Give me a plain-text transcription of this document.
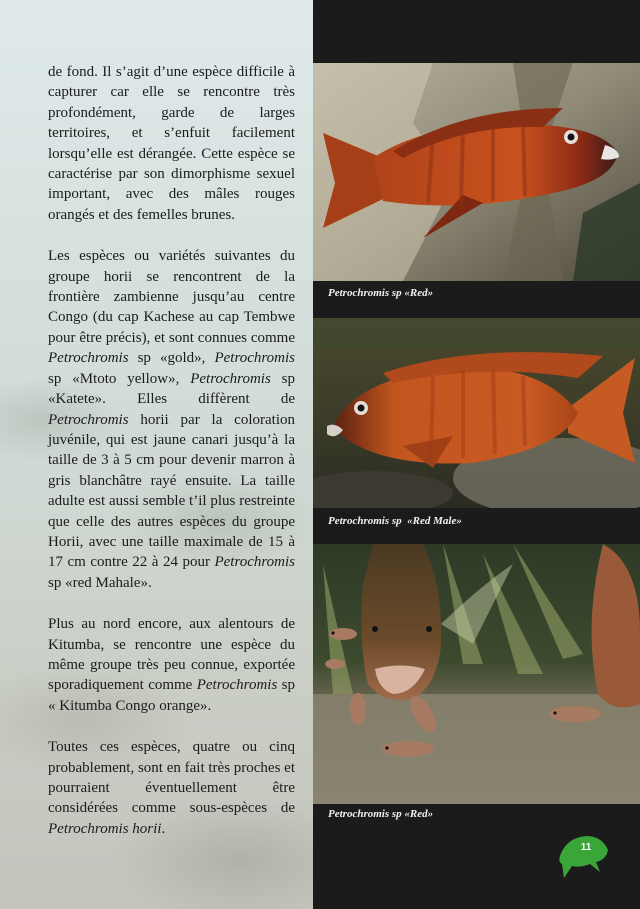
de fond. Il s’agit d’une espèce difficile à capturer car elle se rencontre très profondément, garde de larges territoires, et s’enfuit facilement lorsqu’elle est dérangée. Cette espèce se caractérise par son dimorphisme sexuel important, avec des mâles rouges orangés et des femelles brunes.

Les espèces ou variétés suivantes du groupe horii se rencontrent de la frontière zambienne jusqu’au centre Congo (du cap Kachese au cap Tembwe pour être précis), et sont connues comme Petrochromis sp «gold», Petrochromis sp «Mtoto yellow», Petrochromis sp «Katete». Elles diffèrent de Petrochromis horii par la coloration juvénile, qui est jaune canari jusqu’à la taille de 3 à 5 cm pour devenir marron à gris blanchâtre rayé ensuite. La taille adulte est aussi semble t’il plus restreinte que celle des autres espèces du groupe Horii, avec une taille maximale de 15 à 17 cm contre 22 à 24 pour Petrochromis sp «red Mahale».

Plus au nord encore, aux alentours de Kitumba, se rencontre une espèce du même groupe très peu connue, exportée sporadiquement comme Petrochromis sp « Kitumba Congo orange».

Toutes ces espèces, quatre ou cinq probablement, sont en fait très proches et pourraient éventuellement être considérées comme sous-espèces de Petrochromis horii.

Petrochromis sp «Red»
Petrochromis sp  «Red Male»
Petrochromis sp «Red»
11
